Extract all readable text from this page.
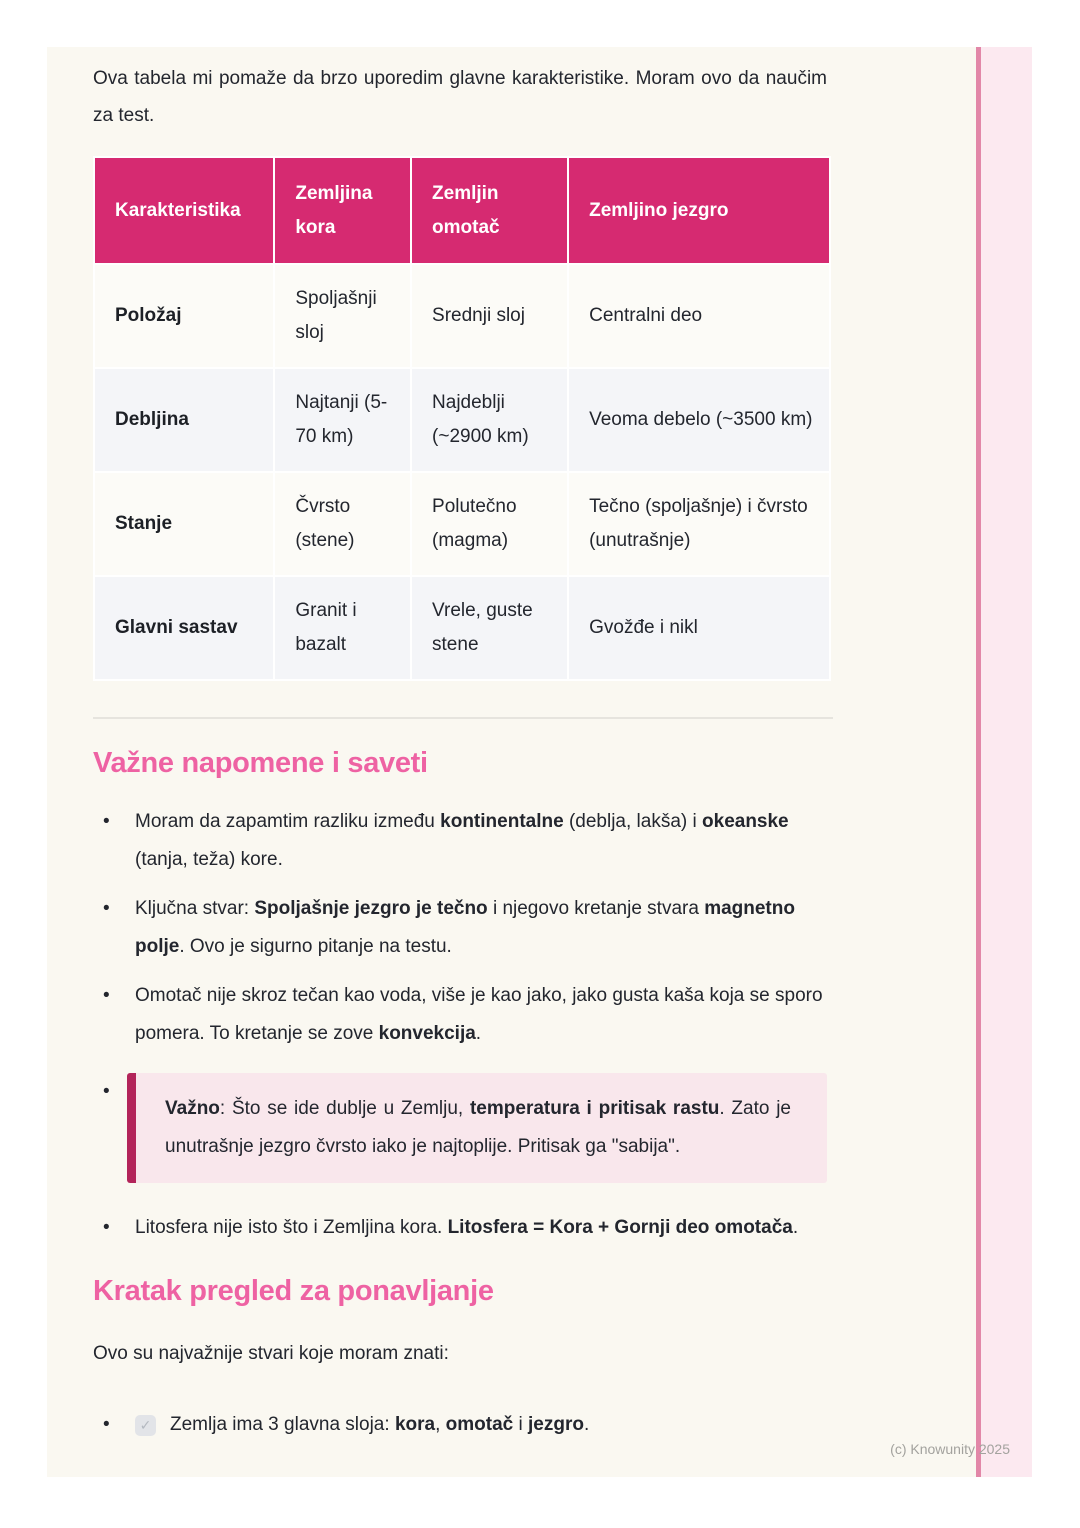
Ova tabela mi pomaže da brzo uporedim glavne karakteristike. Moram ovo da naučim za test.

Karakteristika	Zemljina kora	Zemljin omotač	Zemljino jezgro
Položaj	Spoljašnji sloj	Srednji sloj	Centralni deo
Debljina	Najtanji (5-70 km)	Najdeblji (~2900 km)	Veoma debelo (~3500 km)
Stanje	Čvrsto (stene)	Polutečno (magma)	Tečno (spoljašnje) i čvrsto (unutrašnje)
Glavni sastav	Granit i bazalt	Vrele, guste stene	Gvožđe i nikl
Važne napomene i saveti
•	Moram da zapamtim razliku između kontinentalne (deblja, lakša) i okeanske (tanja, teža) kore.
•	Ključna stvar: Spoljašnje jezgro je tečno i njegovo kretanje stvara magnetno polje. Ovo je sigurno pitanje na testu.
•	Omotač nije skroz tečan kao voda, više je kao jako, jako gusta kaša koja se sporo pomera. To kretanje se zove konvekcija.
•
Važno: Što se ide dublje u Zemlju, temperatura i pritisak rastu. Zato je unutrašnje jezgro čvrsto iako je najtoplije. Pritisak ga "sabija".
•	Litosfera nije isto što i Zemljina kora. Litosfera = Kora + Gornji deo omotača.
Kratak pregled za ponavljanje

Ovo su najvažnije stvari koje moram znati:

•	✓ Zemlja ima 3 glavna sloja: kora, omotač i jezgro.
(c) Knowunity 2025
